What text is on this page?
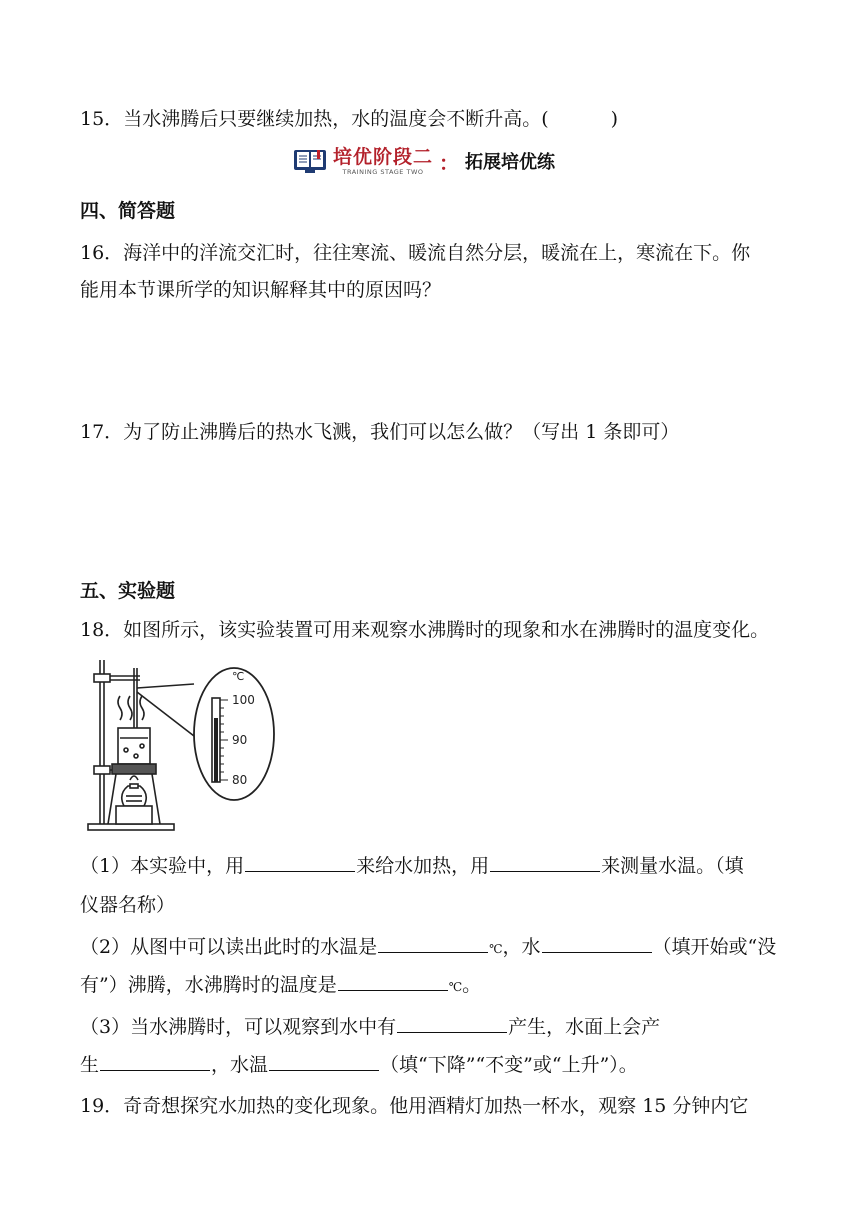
15．当水沸腾后只要继续加热，水的温度会不断升高。(	)
培优阶段二
TRAINING STAGE TWO ： 拓展培优练
四、简答题
16．海洋中的洋流交汇时，往往寒流、暖流自然分层，暖流在上，寒流在下。你
能用本节课所学的知识解释其中的原因吗？
17．为了防止沸腾后的热水飞溅，我们可以怎么做？（写出 1 条即可）
五、实验题
18．如图所示，该实验装置可用来观察水沸腾时的现象和水在沸腾时的温度变化。
℃
100
90
80
（1）本实验中，用	来给水加热，用	来测量水温。（填
仪器名称）
（2）从图中可以读出此时的水温是	℃，水	（填开始或“没
有”）沸腾，水沸腾时的温度是	℃。
（3）当水沸腾时，可以观察到水中有	产生，水面上会产
生	，水温	（填“下降”“不变”或“上升”）。
19．奇奇想探究水加热的变化现象。他用酒精灯加热一杯水，观察 15 分钟内它
